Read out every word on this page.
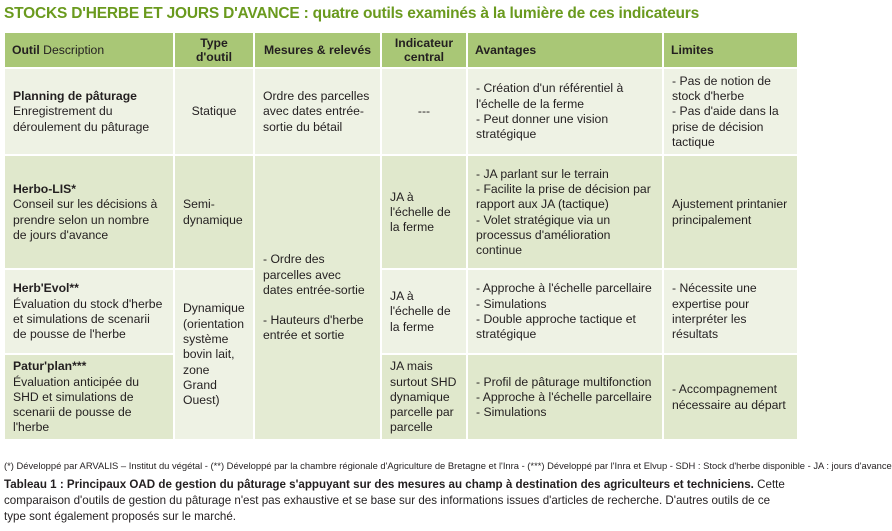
STOCKS D'HERBE ET JOURS D'AVANCE : quatre outils examinés à la lumière de ces indicateurs
Outil Description	Type d'outil	Mesures & relevés	Indicateur central	Avantages	Limites

Planning de pâturage
Enregistrement du déroulement du pâturage	Statique	Ordre des parcelles avec dates entrée-sortie du bétail	---	- Création d'un référentiel à l'échelle de la ferme
- Peut donner une vision stratégique	- Pas de notion de stock d'herbe
- Pas d'aide dans la prise de décision tactique

Herbo-LIS*
Conseil sur les décisions à prendre selon un nombre de jours d'avance	Semi-dynamique	- Ordre des parcelles avec dates entrée-sortie
- Hauteurs d'herbe entrée et sortie	JA à l'échelle de la ferme	- JA parlant sur le terrain
- Facilite la prise de décision par rapport aux JA (tactique)
- Volet stratégique via un processus d'amélioration continue	Ajustement printanier principalement

Herb'Evol**
Évaluation du stock d'herbe et simulations de scenarii de pousse de l'herbe	Dynamique (orientation système bovin lait, zone Grand Ouest)		JA à l'échelle de la ferme	- Approche à l'échelle parcellaire
- Simulations
- Double approche tactique et stratégique	- Nécessite une expertise pour interpréter les résultats

Patur'plan***
Évaluation anticipée du SHD et simulations de scenarii de pousse de l'herbe			JA mais surtout SHD dynamique parcelle par parcelle	- Profil de pâturage multifonction
- Approche à l'échelle parcellaire
- Simulations	- Accompagnement nécessaire au départ
(*) Développé par ARVALIS – Institut du végétal - (**) Développé par la chambre régionale d'Agriculture de Bretagne et l'Inra - (***) Développé par l'Inra et Elvup - SDH : Stock d'herbe disponible - JA : jours d'avance
Tableau 1 : Principaux OAD de gestion du pâturage s'appuyant sur des mesures au champ à destination des agriculteurs et techniciens. Cette comparaison d'outils de gestion du pâturage n'est pas exhaustive et se base sur des informations issues d'articles de recherche. D'autres outils de ce type sont également proposés sur le marché.
